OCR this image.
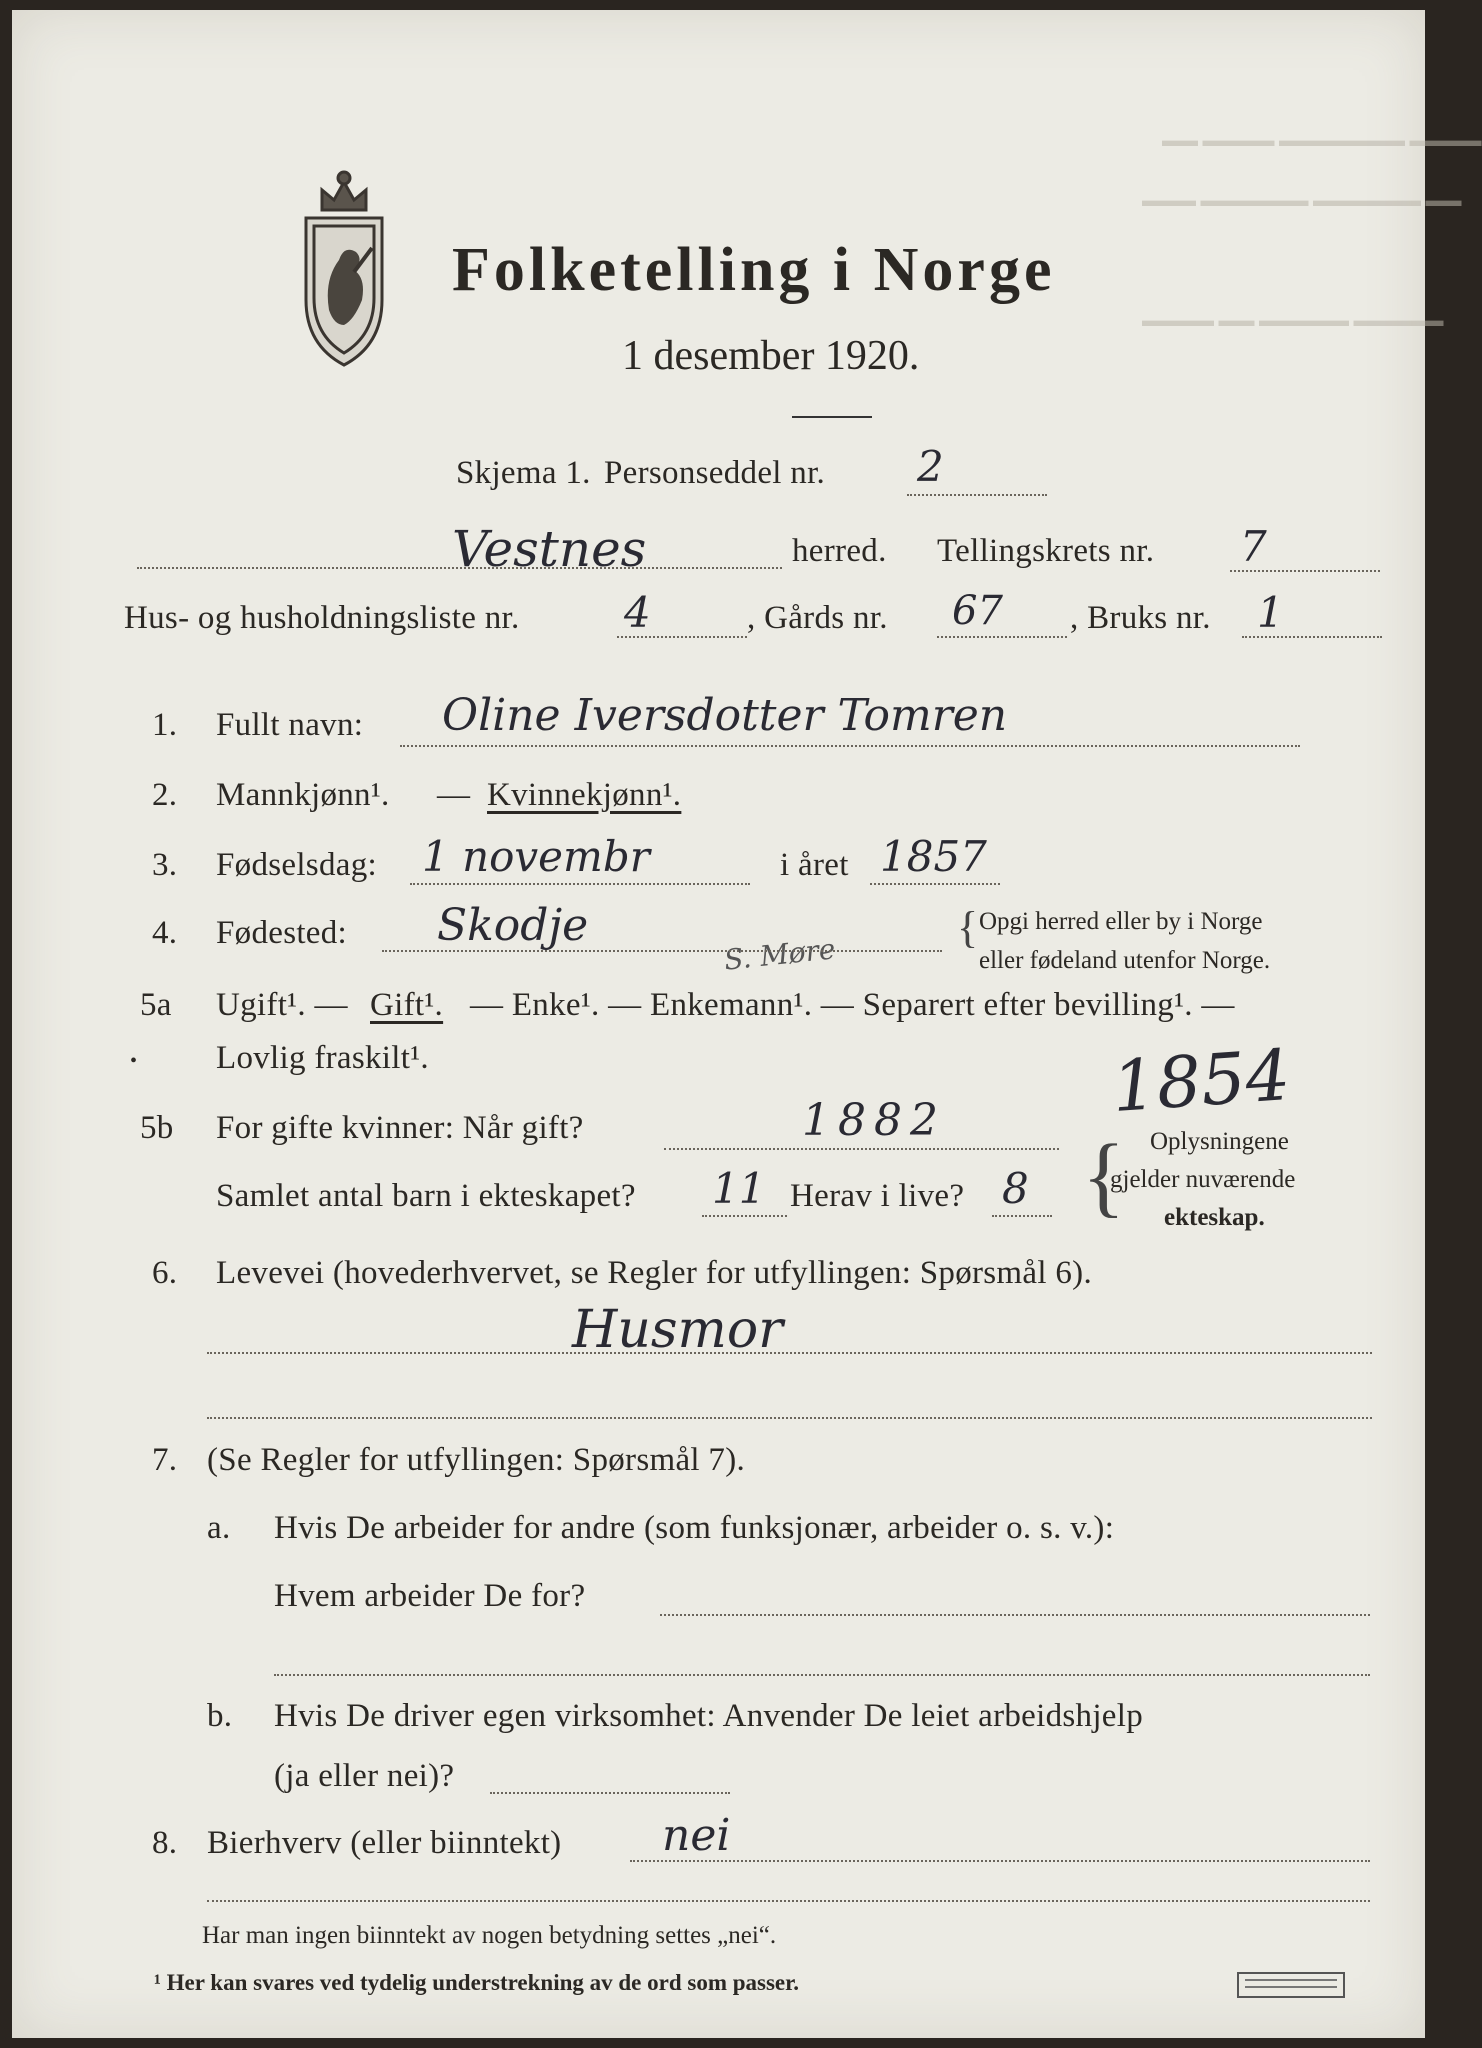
▬▬ ▬▬▬▬ ▬▬▬▬▬▬▬ ▬▬▬▬
▬▬▬ ▬▬▬▬▬▬ ▬▬▬▬▬▬ ▬▬
▬▬▬▬ ▬▬ ▬▬▬▬▬ ▬▬▬▬▬
Folketelling i Norge
1 desember 1920.
Skjema 1. Personseddel nr. 2
Vestnes	herred. Tellingskrets nr. 7
Hus- og husholdningsliste nr. 4	, Gårds nr. 67 , Bruks nr. 1
1. Fullt navn: Oline Iversdotter Tomren
2. Mannkjønn¹. — Kvinnekjønn¹.
3. Fødselsdag: 1 novembr	i året 1857
4. Fødested: Skodje
S. Møre
{ Opgi herred eller by i Norge
eller fødeland utenfor Norge.
5a Ugift¹. — Gift¹. — Enke¹. — Enkemann¹. — Separert efter bevilling¹. —
• Lovlig fraskilt¹.	1854
5b For gifte kvinner: Når gift?	1882
Samlet antal barn i ekteskapet? 11 Herav i live? 8 { Oplysningene
gjelder nuværende
ekteskap.
6. Levevei (hovederhvervet, se Regler for utfyllingen: Spørsmål 6).
Husmor
7. (Se Regler for utfyllingen: Spørsmål 7).
a. Hvis De arbeider for andre (som funksjonær, arbeider o. s. v.):
Hvem arbeider De for?
b. Hvis De driver egen virksomhet: Anvender De leiet arbeidshjelp
(ja eller nei)?
8. Bierhverv (eller biinntekt) nei
Har man ingen biinntekt av nogen betydning settes „nei“.
¹ Her kan svares ved tydelig understrekning av de ord som passer.
